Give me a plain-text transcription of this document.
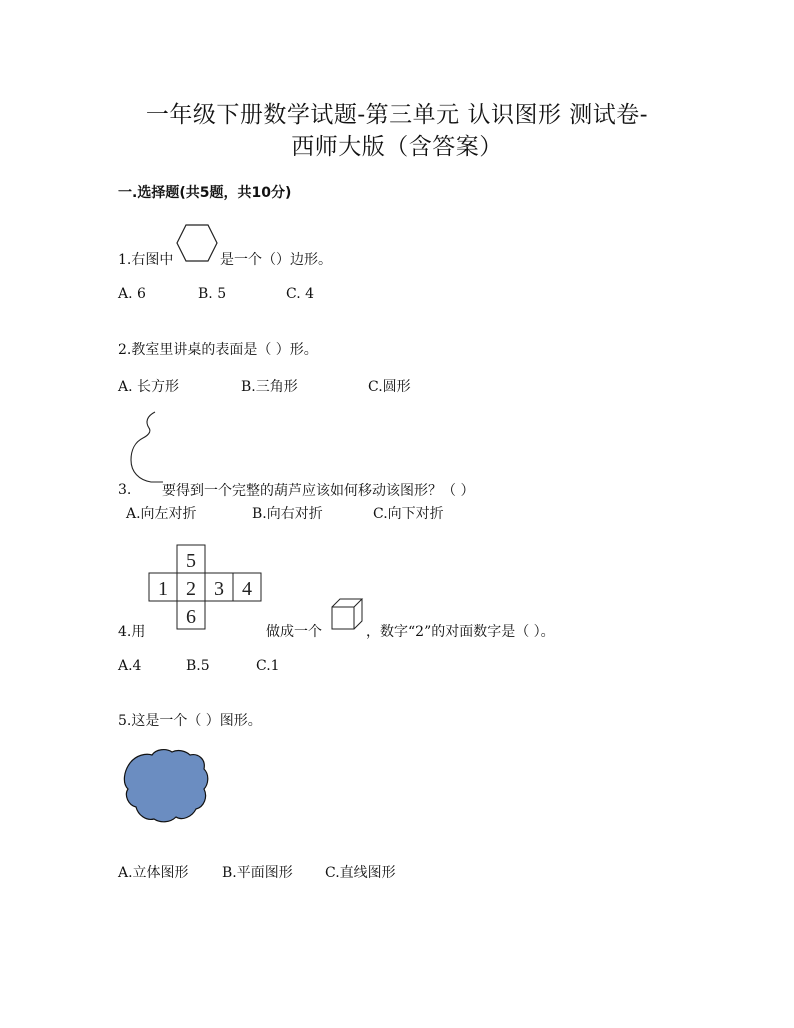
一年级下册数学试题-第三单元 认识图形 测试卷-
西师大版（含答案）
一.选择题(共5题，共10分)
1.右图中	是一个（）边形。
A. 6	B. 5	C. 4
2.教室里讲桌的表面是（ ）形。
A. 长方形	B.三角形	C.圆形
3. 要得到一个完整的葫芦应该如何移动该图形？（ ）
A.向左对折	B.向右对折	C.向下对折
5
1 2 3 4
6
4.用	做成一个	，数字“2”的对面数字是（ ）。
A.4	B.5	C.1
5.这是一个（ ）图形。
A.立体图形 B.平面图形 C.直线图形
